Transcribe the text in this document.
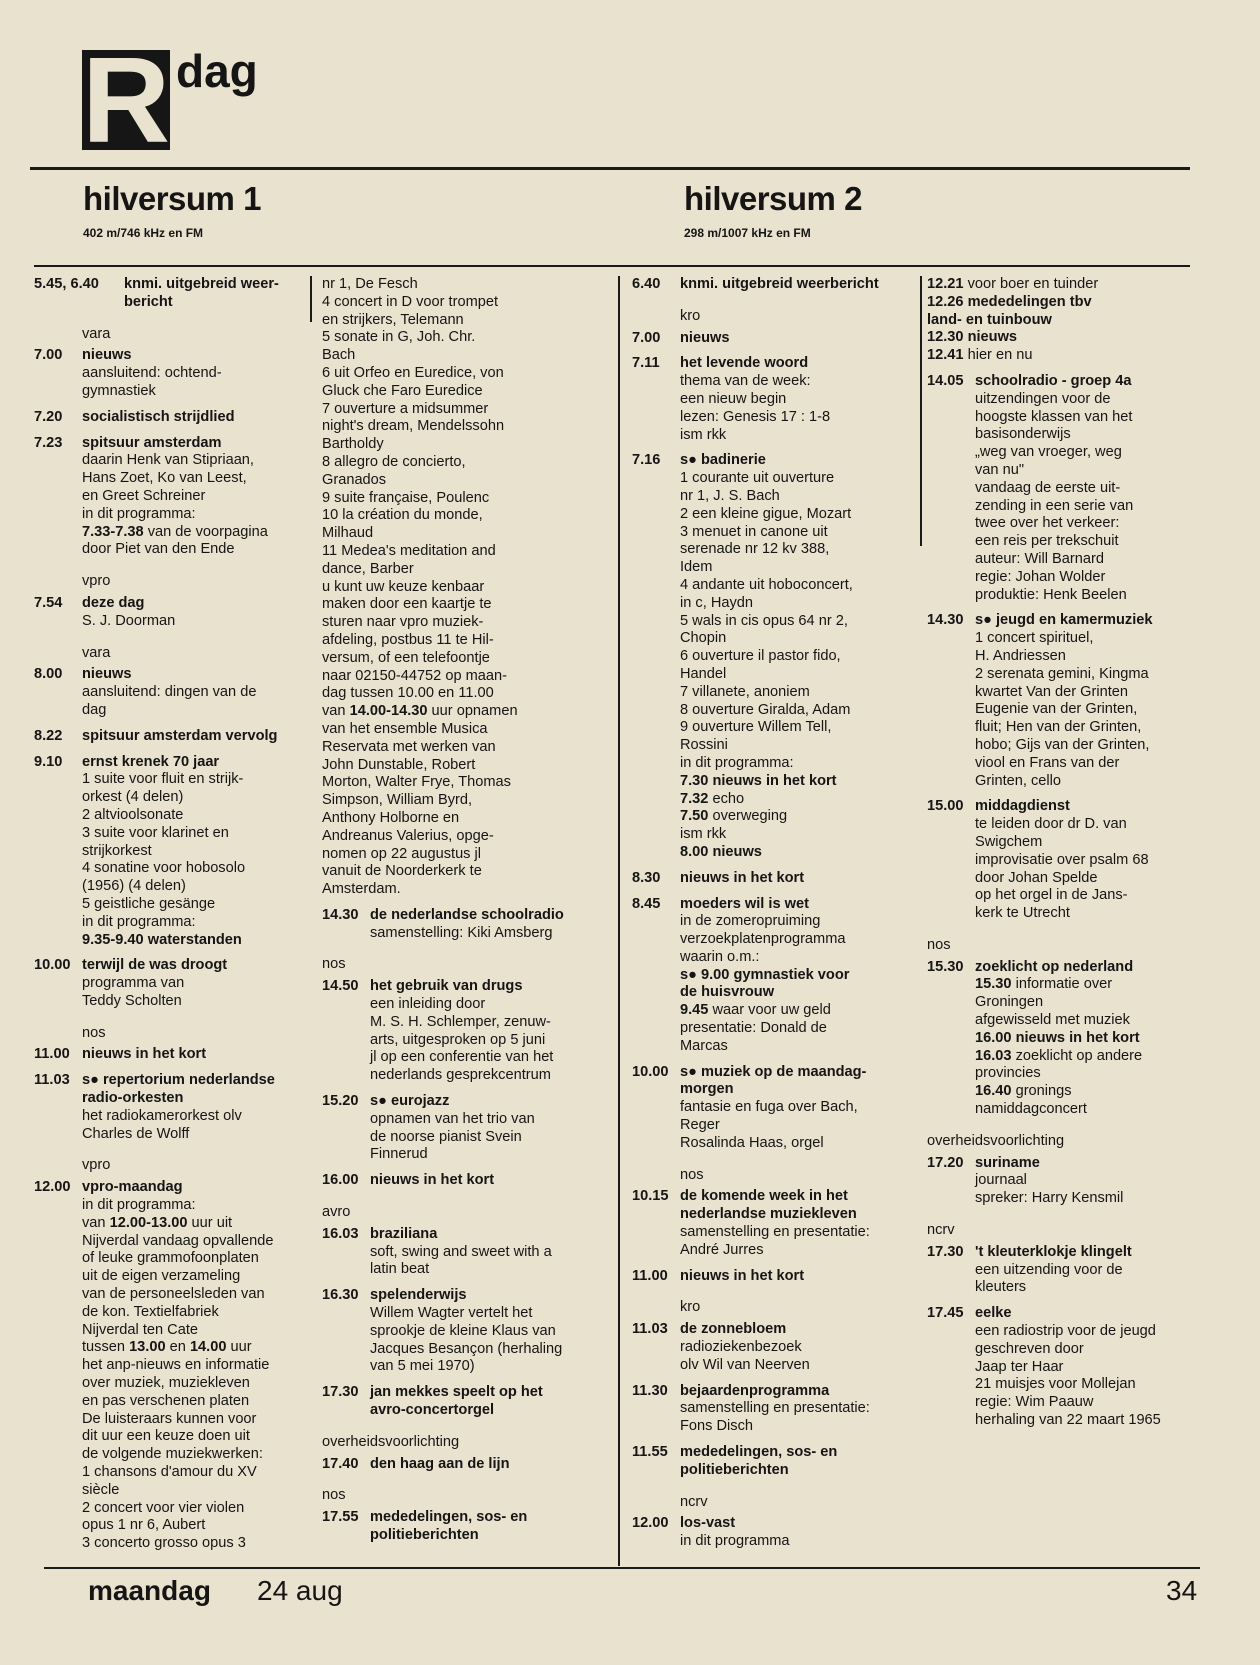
R dag
hilversum 1
402 m/746 kHz en FM
hilversum 2
298 m/1007 kHz en FM
5.45, 6.40 knmi. uitgebreid weer-
bericht
vara
7.00	nieuws
aansluitend: ochtend-
gymnastiek
7.20	socialistisch strijdlied
7.23	spitsuur amsterdam
daarin Henk van Stipriaan,
Hans Zoet, Ko van Leest,
en Greet Schreiner
in dit programma:
7.33-7.38 van de voorpagina
door Piet van den Ende
vpro
7.54	deze dag
S. J. Doorman
vara
8.00	nieuws
aansluitend: dingen van de
dag
8.22	spitsuur amsterdam vervolg
9.10	ernst krenek 70 jaar
1 suite voor fluit en strijk-
orkest (4 delen)
2 altvioolsonate
3 suite voor klarinet en
strijkorkest
4 sonatine voor hobosolo
(1956) (4 delen)
5 geistliche gesänge
in dit programma:
9.35-9.40 waterstanden
10.00 terwijl de was droogt
programma van
Teddy Scholten
nos
11.00 nieuws in het kort
11.03 s● repertorium nederlandse
radio-orkesten
het radiokamerorkest olv
Charles de Wolff
vpro
12.00 vpro-maandag
in dit programma:
van 12.00-13.00 uur uit
Nijverdal vandaag opvallende
of leuke grammofoonplaten
uit de eigen verzameling
van de personeelsleden van
de kon. Textielfabriek
Nijverdal ten Cate
tussen 13.00 en 14.00 uur
het anp-nieuws en informatie
over muziek, muziekleven
en pas verschenen platen
De luisteraars kunnen voor
dit uur een keuze doen uit
de volgende muziekwerken:
1 chansons d'amour du XV
siècle
2 concert voor vier violen
opus 1 nr 6, Aubert
3 concerto grosso opus 3
nr 1, De Fesch
4 concert in D voor trompet
en strijkers, Telemann
5 sonate in G, Joh. Chr.
Bach
6 uit Orfeo en Euredice, von
Gluck che Faro Euredice
7 ouverture a midsummer
night's dream, Mendelssohn
Bartholdy
8 allegro de concierto,
Granados
9 suite française, Poulenc
10 la création du monde,
Milhaud
11 Medea's meditation and
dance, Barber
u kunt uw keuze kenbaar
maken door een kaartje te
sturen naar vpro muziek-
afdeling, postbus 11 te Hil-
versum, of een telefoontje
naar 02150-44752 op maan-
dag tussen 10.00 en 11.00
van 14.00-14.30 uur opnamen
van het ensemble Musica
Reservata met werken van
John Dunstable, Robert
Morton, Walter Frye, Thomas
Simpson, William Byrd,
Anthony Holborne en
Andreanus Valerius, opge-
nomen op 22 augustus jl
vanuit de Noorderkerk te
Amsterdam.
14.30 de nederlandse schoolradio
samenstelling: Kiki Amsberg
nos
14.50 het gebruik van drugs
een inleiding door
M. S. H. Schlemper, zenuw-
arts, uitgesproken op 5 juni
jl op een conferentie van het
nederlands gesprekcentrum
15.20 s● eurojazz
opnamen van het trio van
de noorse pianist Svein
Finnerud
16.00 nieuws in het kort
avro
16.03 braziliana
soft, swing and sweet with a
latin beat
16.30 spelenderwijs
Willem Wagter vertelt het
sprookje de kleine Klaus van
Jacques Besançon (herhaling
van 5 mei 1970)
17.30 jan mekkes speelt op het
avro-concertorgel
overheidsvoorlichting
17.40 den haag aan de lijn
nos
17.55 mededelingen, sos- en
politieberichten
6.40	knmi. uitgebreid weerbericht
kro
7.00	nieuws
7.11	het levende woord
thema van de week:
een nieuw begin
lezen: Genesis 17 : 1-8
ism rkk
7.16	s● badinerie
1 courante uit ouverture
nr 1, J. S. Bach
2 een kleine gigue, Mozart
3 menuet in canone uit
serenade nr 12 kv 388,
Idem
4 andante uit hoboconcert,
in c, Haydn
5 wals in cis opus 64 nr 2,
Chopin
6 ouverture il pastor fido,
Handel
7 villanete, anoniem
8 ouverture Giralda, Adam
9 ouverture Willem Tell,
Rossini
in dit programma:
7.30 nieuws in het kort
7.32 echo
7.50 overweging
ism rkk
8.00 nieuws
8.30	nieuws in het kort
8.45	moeders wil is wet
in de zomeropruiming
verzoekplatenprogramma
waarin o.m.:
s● 9.00 gymnastiek voor
de huisvrouw
9.45 waar voor uw geld
presentatie: Donald de
Marcas
10.00 s● muziek op de maandag-
morgen
fantasie en fuga over Bach,
Reger
Rosalinda Haas, orgel
nos
10.15 de komende week in het
nederlandse muziekleven
samenstelling en presentatie:
André Jurres
11.00 nieuws in het kort
kro
11.03 de zonnebloem
radioziekenbezoek
olv Wil van Neerven
11.30 bejaardenprogramma
samenstelling en presentatie:
Fons Disch
11.55 mededelingen, sos- en
politieberichten
ncrv
12.00 los-vast
in dit programma
12.21 voor boer en tuinder
12.26 mededelingen tbv
land- en tuinbouw
12.30 nieuws
12.41 hier en nu
14.05 schoolradio - groep 4a
uitzendingen voor de
hoogste klassen van het
basisonderwijs
„weg van vroeger, weg
van nu"
vandaag de eerste uit-
zending in een serie van
twee over het verkeer:
een reis per trekschuit
auteur: Will Barnard
regie: Johan Wolder
produktie: Henk Beelen
14.30 s● jeugd en kamermuziek
1 concert spirituel,
H. Andriessen
2 serenata gemini, Kingma
kwartet Van der Grinten
Eugenie van der Grinten,
fluit; Hen van der Grinten,
hobo; Gijs van der Grinten,
viool en Frans van der
Grinten, cello
15.00 middagdienst
te leiden door dr D. van
Swigchem
improvisatie over psalm 68
door Johan Spelde
op het orgel in de Jans-
kerk te Utrecht
nos
15.30 zoeklicht op nederland
15.30 informatie over
Groningen
afgewisseld met muziek
16.00 nieuws in het kort
16.03 zoeklicht op andere
provincies
16.40 gronings
namiddagconcert
overheidsvoorlichting
17.20 suriname
journaal
spreker: Harry Kensmil
ncrv
17.30 't kleuterklokje klingelt
een uitzending voor de
kleuters
17.45 eelke
een radiostrip voor de jeugd
geschreven door
Jaap ter Haar
21 muisjes voor Mollejan
regie: Wim Paauw
herhaling van 22 maart 1965
maandag 24 aug	34
